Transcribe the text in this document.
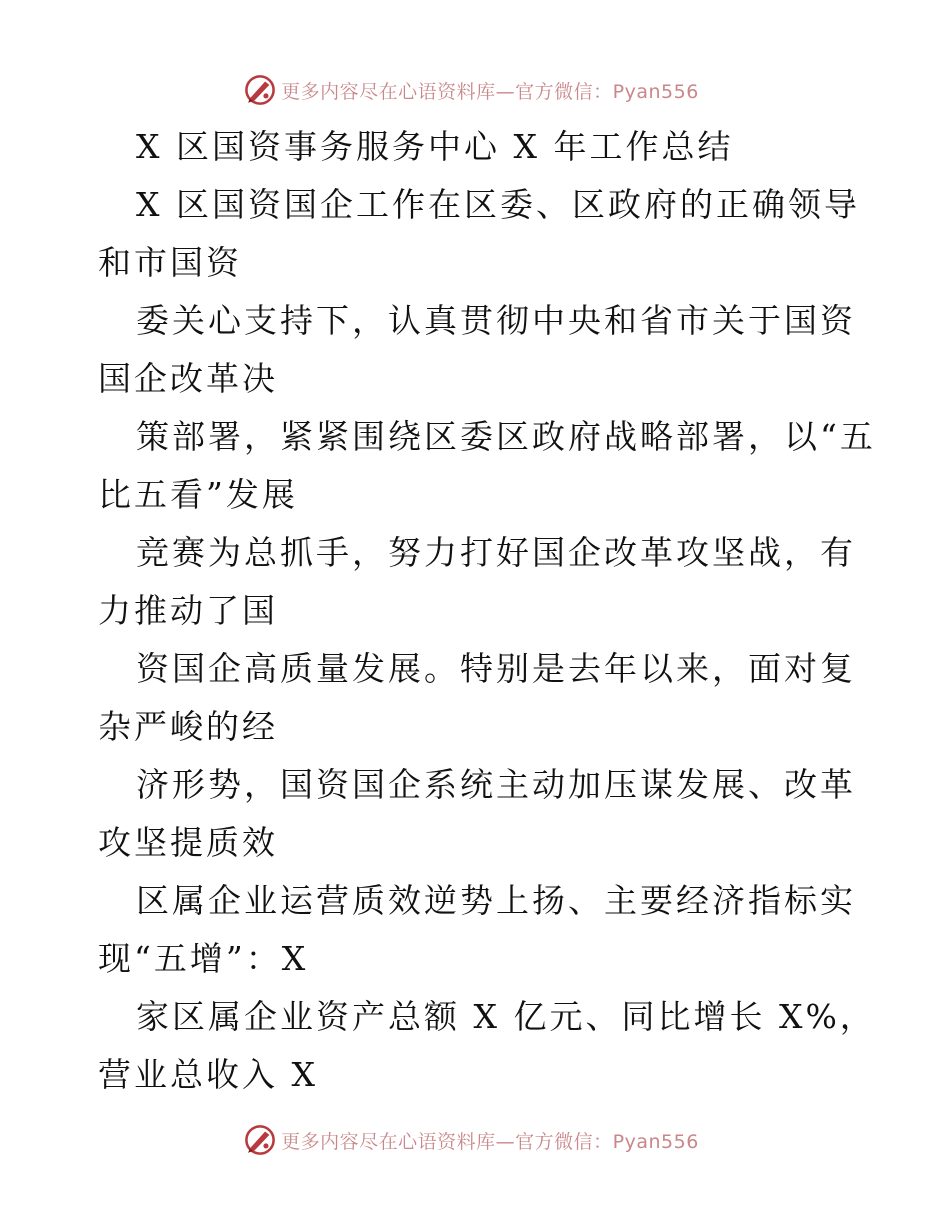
更多内容尽在心语资料库—官方微信：Pyan556

X 区国资事务服务中心 X 年工作总结

X 区国资国企工作在区委、区政府的正确领导和市国资

委关心支持下，认真贯彻中央和省市关于国资国企改革决

策部署，紧紧围绕区委区政府战略部署，以“五比五看”发展

竞赛为总抓手，努力打好国企改革攻坚战，有力推动了国

资国企高质量发展。特别是去年以来，面对复杂严峻的经

济形势，国资国企系统主动加压谋发展、改革攻坚提质效

区属企业运营质效逆势上扬、主要经济指标实现“五增”：X

家区属企业资产总额 X 亿元、同比增长 X%，营业总收入 X

更多内容尽在心语资料库—官方微信：Pyan556
